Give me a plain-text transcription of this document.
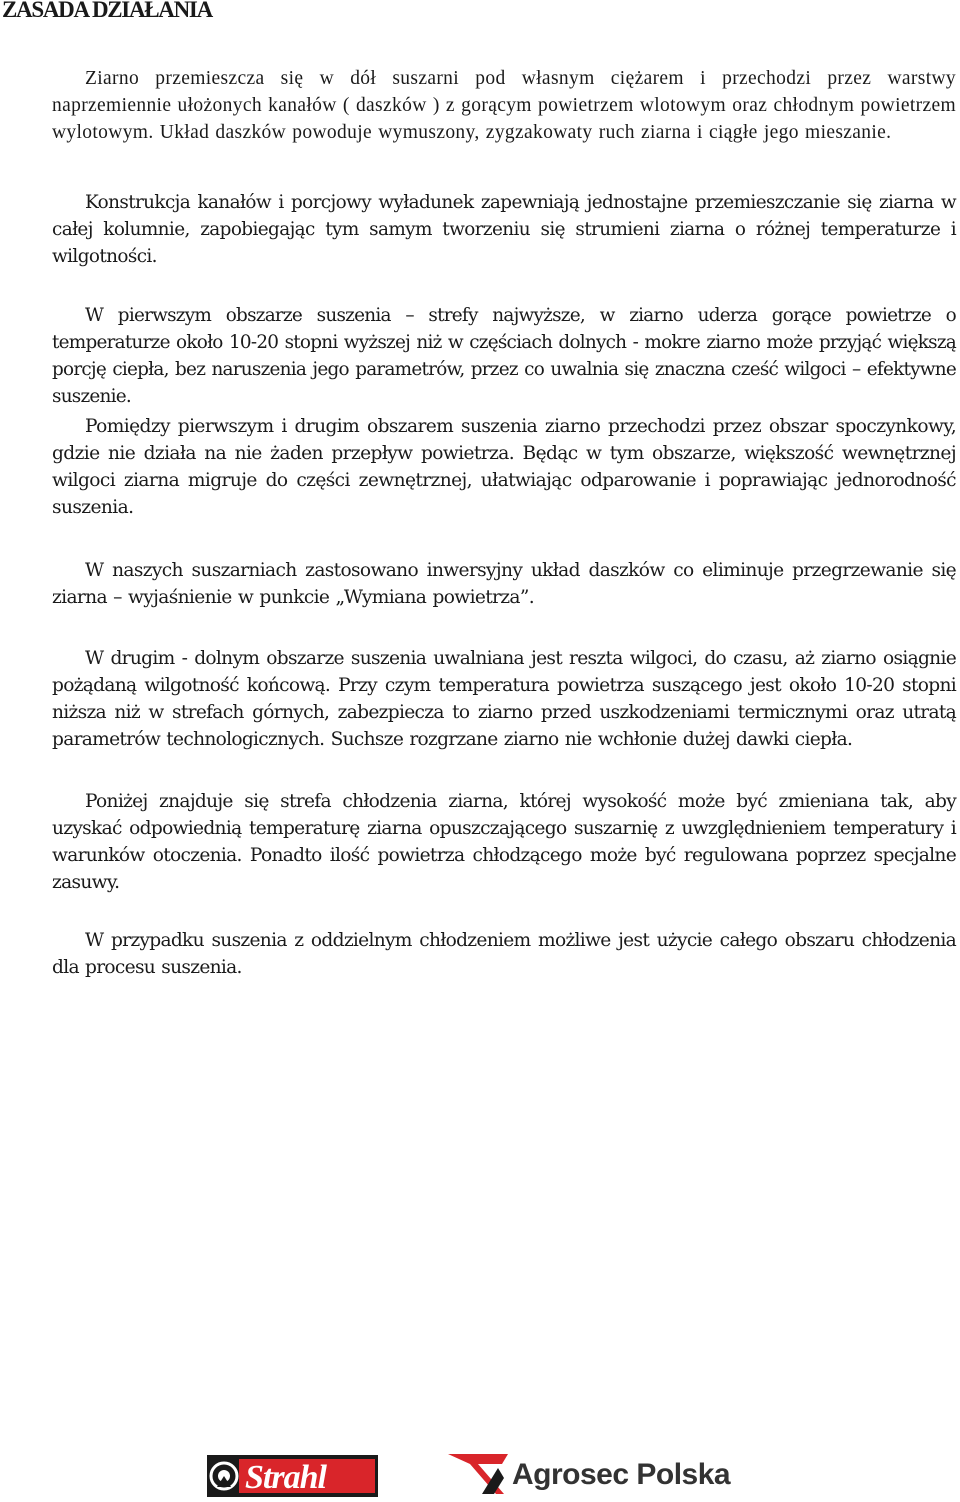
ZASADA DZIAŁANIA

Ziarno przemieszcza się w dół suszarni pod własnym ciężarem i przechodzi przez warstwy naprzemiennie ułożonych kanałów ( daszków ) z gorącym powietrzem wlotowym oraz chłodnym powietrzem wylotowym. Układ daszków powoduje wymuszony, zygzakowaty ruch ziarna i ciągłe jego mieszanie.

Konstrukcja kanałów i porcjowy wyładunek zapewniają jednostajne przemieszczanie się ziarna w całej kolumnie, zapobiegając tym samym tworzeniu się strumieni ziarna o różnej temperaturze i wilgotności.

W pierwszym obszarze suszenia – strefy najwyższe, w ziarno uderza gorące powietrze o temperaturze około 10-20 stopni wyższej niż w częściach dolnych - mokre ziarno może przyjąć większą porcję ciepła, bez naruszenia jego parametrów, przez co uwalnia się znaczna cześć wilgoci – efektywne suszenie.

Pomiędzy pierwszym i drugim obszarem suszenia ziarno przechodzi przez obszar spoczynkowy, gdzie nie działa na nie żaden przepływ powietrza. Będąc w tym obszarze, większość wewnętrznej wilgoci ziarna migruje do części zewnętrznej, ułatwiając odparowanie i poprawiając jednorodność suszenia.

W naszych suszarniach zastosowano inwersyjny układ daszków co eliminuje przegrzewanie się ziarna – wyjaśnienie w punkcie „Wymiana powietrza”.

W drugim - dolnym obszarze suszenia uwalniana jest reszta wilgoci, do czasu, aż ziarno osiągnie pożądaną wilgotność końcową. Przy czym temperatura powietrza suszącego jest około 10-20 stopni niższa niż w strefach górnych, zabezpiecza to ziarno przed uszkodzeniami termicznymi oraz utratą parametrów technologicznych. Suchsze rozgrzane ziarno nie wchłonie dużej dawki ciepła.

Poniżej znajduje się strefa chłodzenia ziarna, której wysokość może być zmieniana tak, aby uzyskać odpowiednią temperaturę ziarna opuszczającego suszarnię z uwzględnieniem temperatury i warunków otoczenia. Ponadto ilość powietrza chłodzącego może być regulowana poprzez specjalne zasuwy.

W przypadku suszenia z oddzielnym chłodzeniem możliwe jest użycie całego obszaru chłodzenia dla procesu suszenia.

Strahl	Agrosec Polska
